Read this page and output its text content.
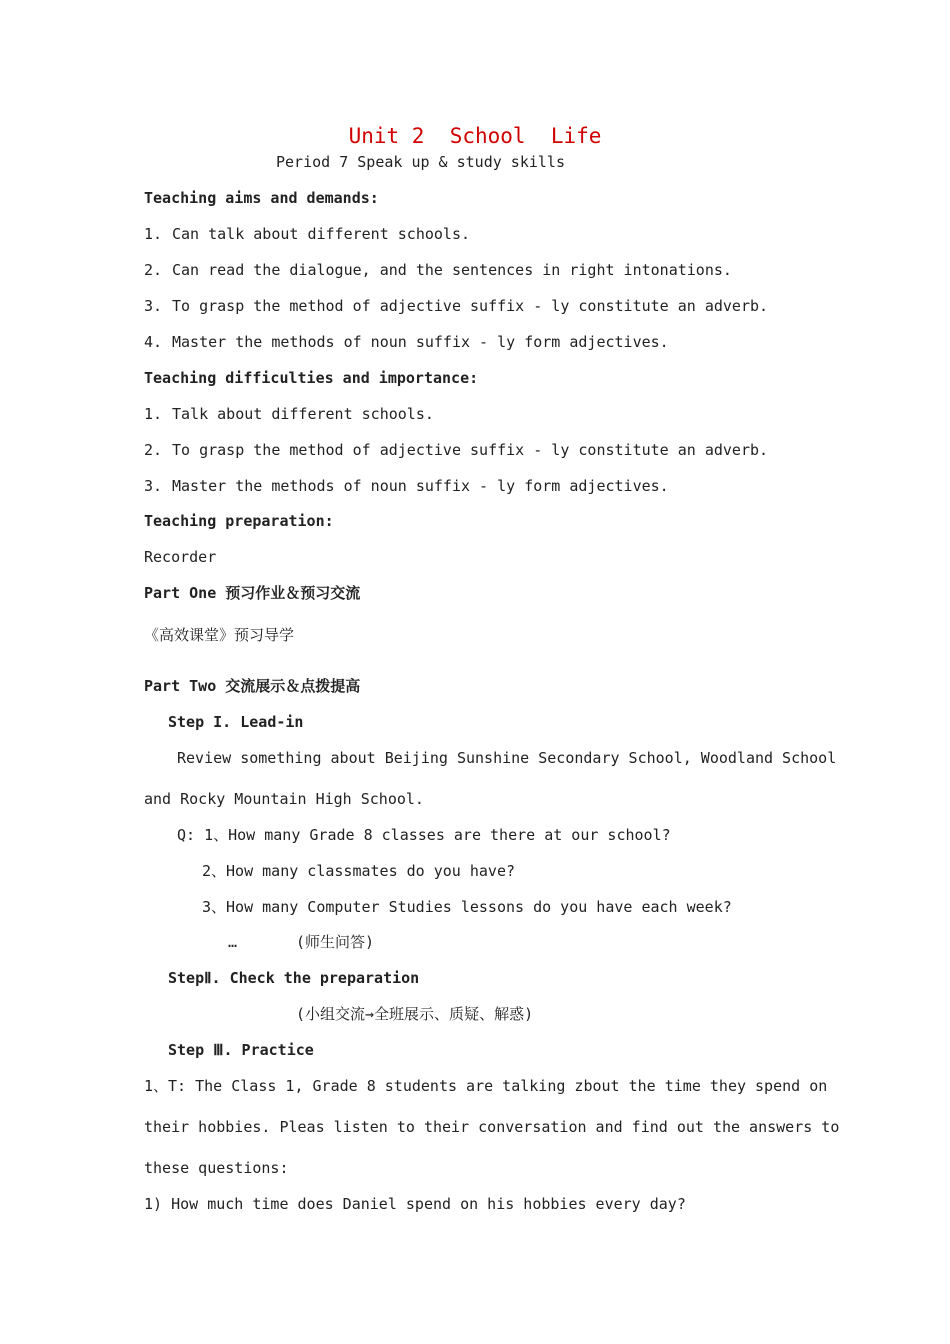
Unit 2  School  Life
Period 7 Speak up & study skills
Teaching aims and demands:
1. Can talk about different schools.
2. Can read the dialogue, and the sentences in right intonations.
3. To grasp the method of adjective suffix - ly constitute an adverb.
4. Master the methods of noun suffix - ly form adjectives.
Teaching difficulties and importance:
1. Talk about different schools.
2. To grasp the method of adjective suffix - ly constitute an adverb.
3. Master the methods of noun suffix - ly form adjectives.
Teaching preparation:
Recorder
Part One 预习作业＆预习交流
《高效课堂》预习导学
Part Two 交流展示＆点拨提高
Step I. Lead-in
Review something about Beijing Sunshine Secondary School, Woodland School
and Rocky Mountain High School.
Q: 1、How many Grade 8 classes are there at our school?
2、How many classmates do you have?
3、How many Computer Studies lessons do you have each week?
…	(师生问答)
StepⅡ. Check the preparation
(小组交流→全班展示、质疑、解惑)
Step Ⅲ. Practice
1、T: The Class 1, Grade 8 students are talking zbout the time they spend on
their hobbies. Pleas listen to their conversation and find out the answers to
these questions:
1) How much time does Daniel spend on his hobbies every day?
